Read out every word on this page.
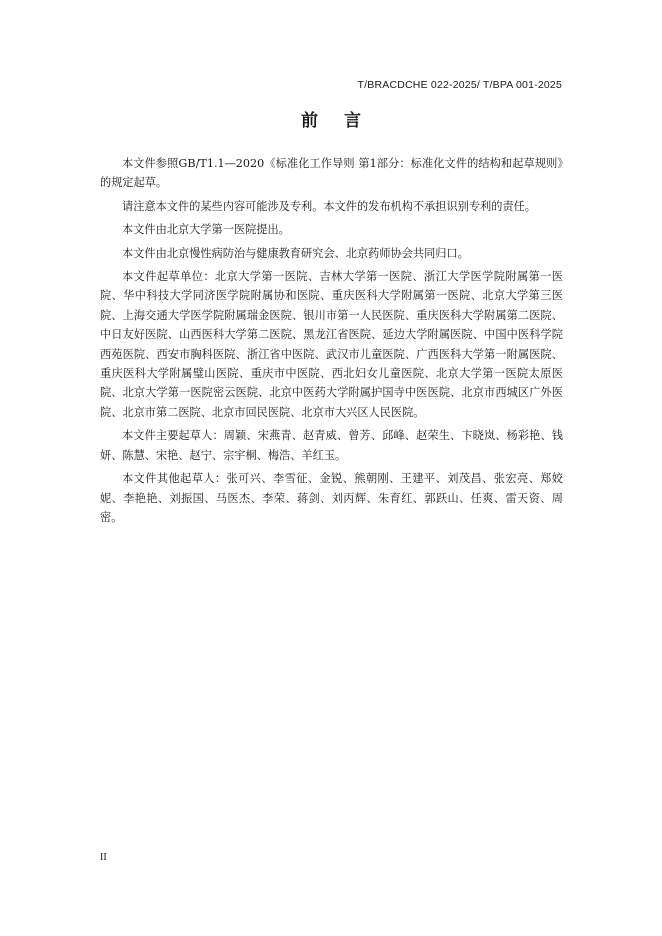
T/BRACDCHE 022-2025/ T/BPA 001-2025
前言

本文件参照GB/T1.1—2020《标准化工作导则 第1部分：标准化文件的结构和起草规则》的规定起草。

请注意本文件的某些内容可能涉及专利。本文件的发布机构不承担识别专利的责任。

本文件由北京大学第一医院提出。

本文件由北京慢性病防治与健康教育研究会、北京药师协会共同归口。

本文件起草单位：北京大学第一医院、吉林大学第一医院、浙江大学医学院附属第一医院、华中科技大学同济医学院附属协和医院、重庆医科大学附属第一医院、北京大学第三医院、上海交通大学医学院附属瑞金医院、银川市第一人民医院、重庆医科大学附属第二医院、中日友好医院、山西医科大学第二医院、黑龙江省医院、延边大学附属医院、中国中医科学院西苑医院、西安市胸科医院、浙江省中医院、武汉市儿童医院、广西医科大学第一附属医院、重庆医科大学附属璧山医院、重庆市中医院、西北妇女儿童医院、北京大学第一医院太原医院、北京大学第一医院密云医院、北京中医药大学附属护国寺中医医院、北京市西城区广外医院、北京市第二医院、北京市回民医院、北京市大兴区人民医院。

本文件主要起草人：周颖、宋燕青、赵青威、曾芳、邱峰、赵荣生、卞晓岚、杨彩艳、钱妍、陈慧、宋艳、赵宁、宗宇桐、梅浩、羊红玉。

本文件其他起草人：张可兴、李雪征、金锐、熊朝刚、王建平、刘茂昌、张宏亮、郑姣妮、李艳艳、刘振国、马医杰、李荣、蒋剑、刘丙辉、朱育红、郭跃山、任爽、雷天资、周密。

II
